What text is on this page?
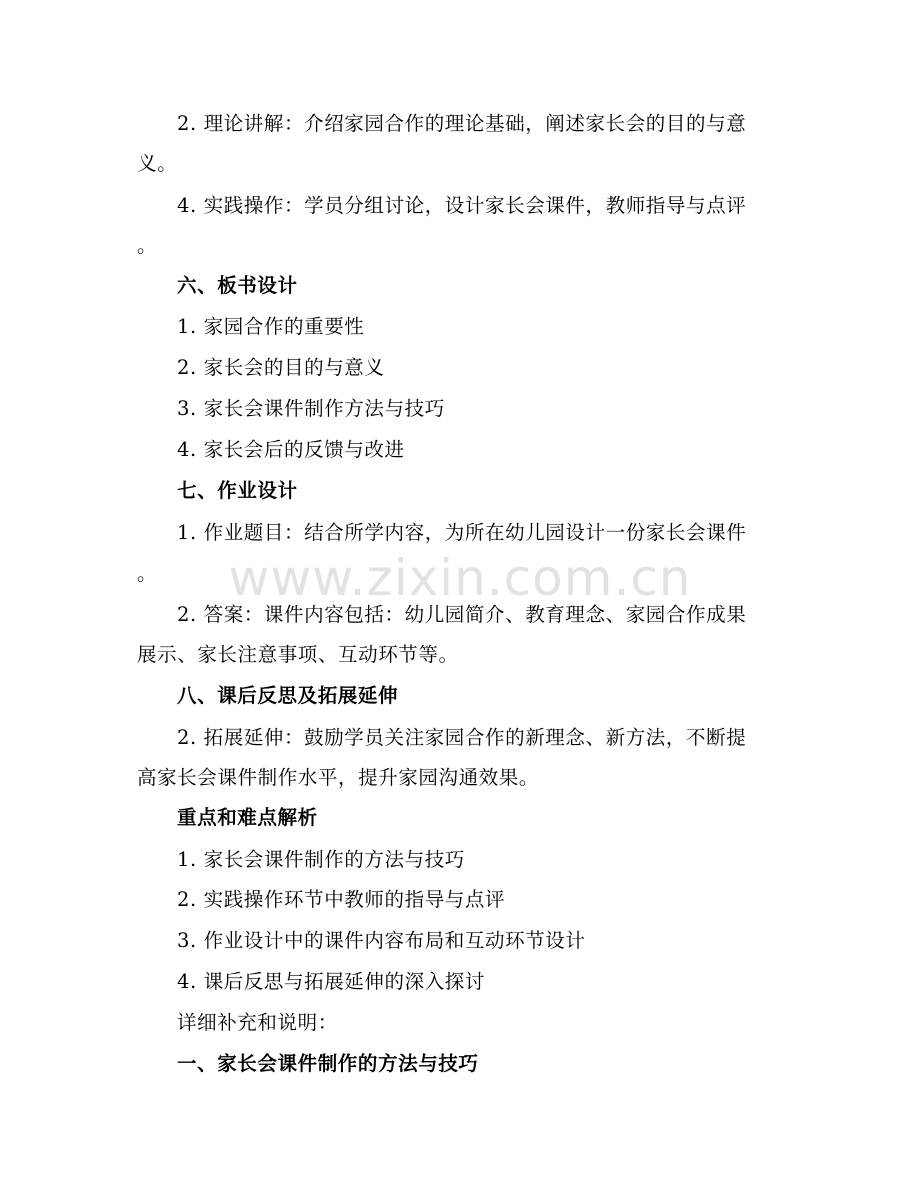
www.zixin.com.cn
2. 理论讲解：介绍家园合作的理论基础，阐述家长会的目的与意
义。
4. 实践操作：学员分组讨论，设计家长会课件，教师指导与点评
。
六、板书设计
1. 家园合作的重要性
2. 家长会的目的与意义
3. 家长会课件制作方法与技巧
4. 家长会后的反馈与改进
七、作业设计
1. 作业题目：结合所学内容，为所在幼儿园设计一份家长会课件
。
2. 答案：课件内容包括：幼儿园简介、教育理念、家园合作成果
展示、家长注意事项、互动环节等。
八、课后反思及拓展延伸
2. 拓展延伸：鼓励学员关注家园合作的新理念、新方法，不断提
高家长会课件制作水平，提升家园沟通效果。
重点和难点解析
1. 家长会课件制作的方法与技巧
2. 实践操作环节中教师的指导与点评
3. 作业设计中的课件内容布局和互动环节设计
4. 课后反思与拓展延伸的深入探讨
详细补充和说明：
一、家长会课件制作的方法与技巧
